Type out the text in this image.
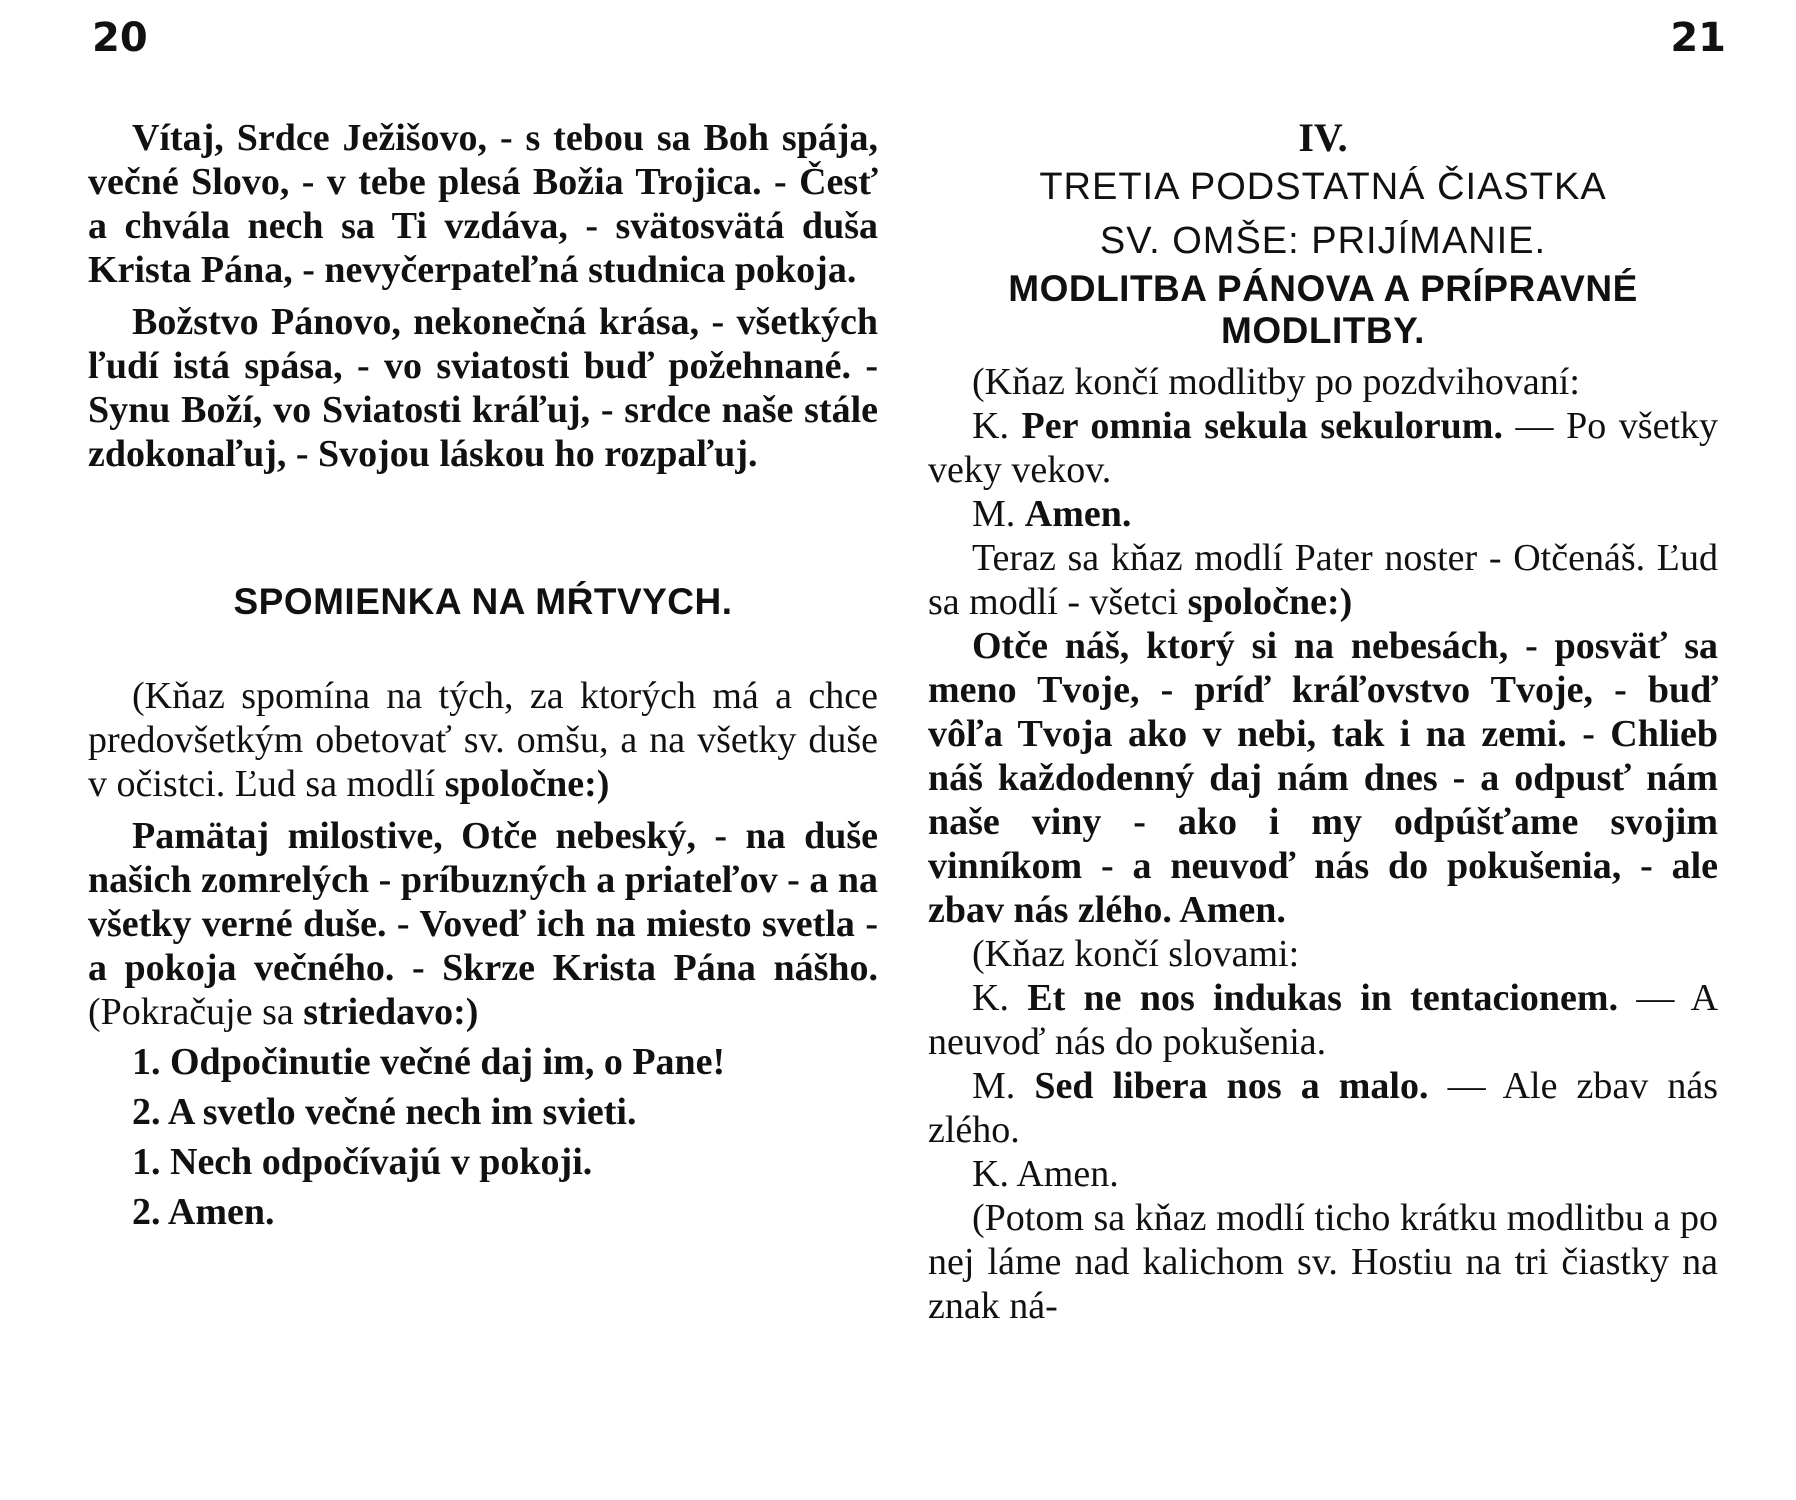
20	21

Vítaj, Srdce Ježišovo, - s tebou sa Boh spája, večné Slovo, - v tebe plesá Božia Trojica. - Česť a chvála nech sa Ti vzdáva, - svätosvätá duša Krista Pána, - nevyčerpateľná studnica pokoja.

Božstvo Pánovo, nekonečná krása, - všetkých ľudí istá spása, - vo sviatosti buď požehnané. - Synu Boží, vo Sviatosti kráľuj, - srdce naše stále zdokonaľuj, - Svojou láskou ho rozpaľuj.

SPOMIENKA NA MŔTVYCH.

(Kňaz spomína na tých, za ktorých má a chce predovšetkým obetovať sv. omšu, a na všetky duše v očistci. Ľud sa modlí spoločne:)

Pamätaj milostive, Otče nebeský, - na duše našich zomrelých - príbuzných a priateľov - a na všetky verné duše. - Voveď ich na miesto svetla - a pokoja večného. - Skrze Krista Pána nášho. (Pokračuje sa striedavo:)

1. Odpočinutie večné daj im, o Pane!

2. A svetlo večné nech im svieti.

1. Nech odpočívajú v pokoji.

2. Amen.

IV.

TRETIA PODSTATNÁ ČIASTKA

SV. OMŠE: PRIJÍMANIE.

MODLITBA PÁNOVA A PRÍPRAVNÉ MODLITBY.

(Kňaz končí modlitby po pozdvihovaní:

K. Per omnia sekula sekulorum. — Po všetky veky vekov.

M. Amen.

Teraz sa kňaz modlí Pater noster - Otčenáš. Ľud sa modlí - všetci spoločne:)

Otče náš, ktorý si na nebesách, - posväť sa meno Tvoje, - príď kráľovstvo Tvoje, - buď vôľa Tvoja ako v nebi, tak i na zemi. - Chlieb náš každodenný daj nám dnes - a odpusť nám naše viny - ako i my odpúšťame svojim vinníkom - a neuvoď nás do pokušenia, - ale zbav nás zlého. Amen.

(Kňaz končí slovami:

K. Et ne nos indukas in tentacionem. — A neuvoď nás do pokušenia.

M. Sed libera nos a malo. — Ale zbav nás zlého.

K. Amen.

(Potom sa kňaz modlí ticho krátku modlitbu a po nej láme nad kalichom sv. Hostiu na tri čiastky na znak ná-
